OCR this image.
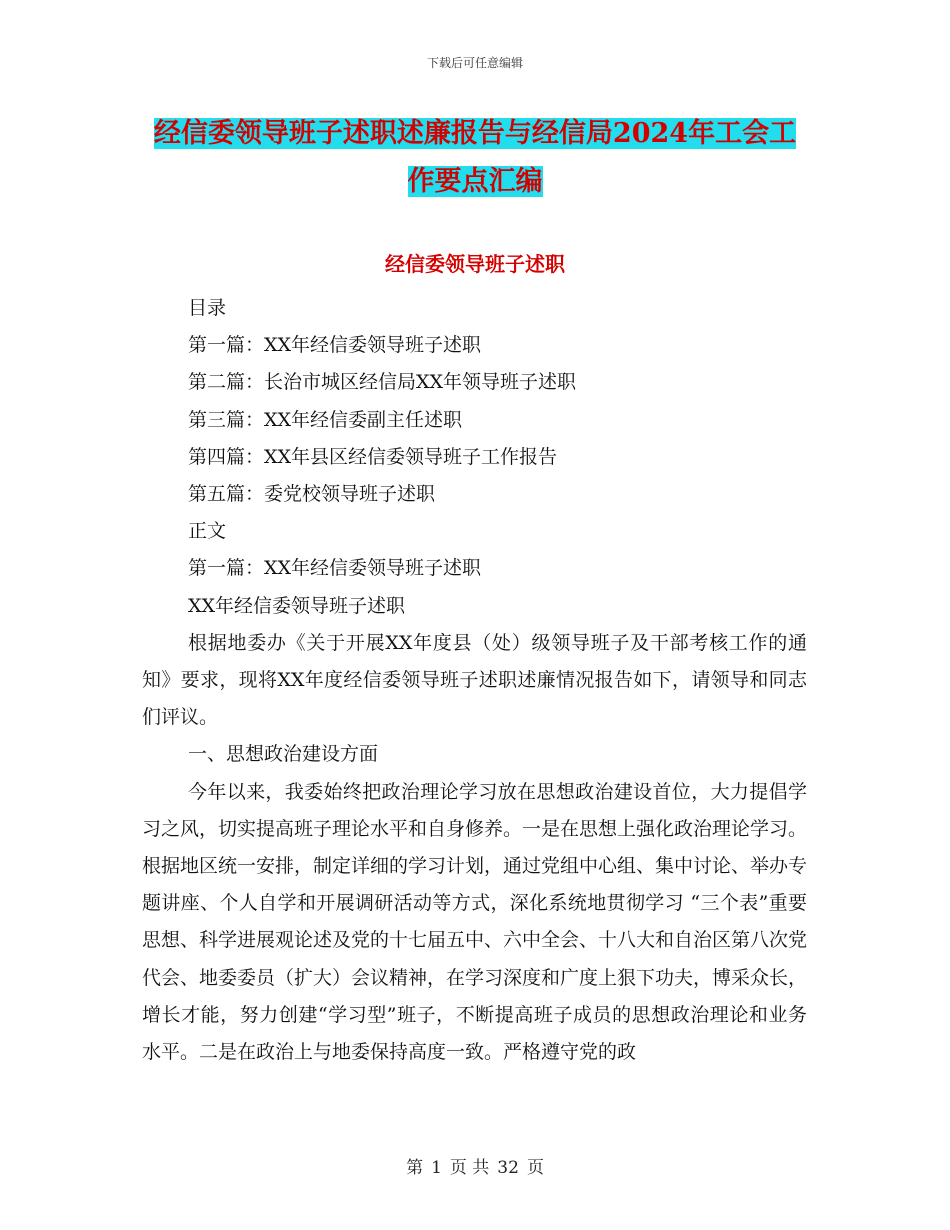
下载后可任意编辑
经信委领导班子述职述廉报告与经信局2024年工会工
作要点汇编
经信委领导班子述职
目录
第一篇：XX年经信委领导班子述职
第二篇：长治市城区经信局XX年领导班子述职
第三篇：XX年经信委副主任述职
第四篇：XX年县区经信委领导班子工作报告
第五篇：委党校领导班子述职
正文
第一篇：XX年经信委领导班子述职
XX年经信委领导班子述职

根据地委办《关于开展XX年度县（处）级领导班子及干部考核工作的通知》要求，现将XX年度经信委领导班子述职述廉情况报告如下，请领导和同志们评议。

一、思想政治建设方面

今年以来，我委始终把政治理论学习放在思想政治建设首位，大力提倡学习之风，切实提高班子理论水平和自身修养。一是在思想上强化政治理论学习。根据地区统一安排，制定详细的学习计划，通过党组中心组、集中讨论、举办专题讲座、个人自学和开展调研活动等方式，深化系统地贯彻学习 “三个表”重要思想、科学进展观论述及党的十七届五中、六中全会、十八大和自治区第八次党代会、地委委员（扩大）会议精神，在学习深度和广度上狠下功夫，博采众长，增长才能，努力创建“学习型”班子，不断提高班子成员的思想政治理论和业务水平。二是在政治上与地委保持高度一致。严格遵守党的政

第 1 页 共 32 页
